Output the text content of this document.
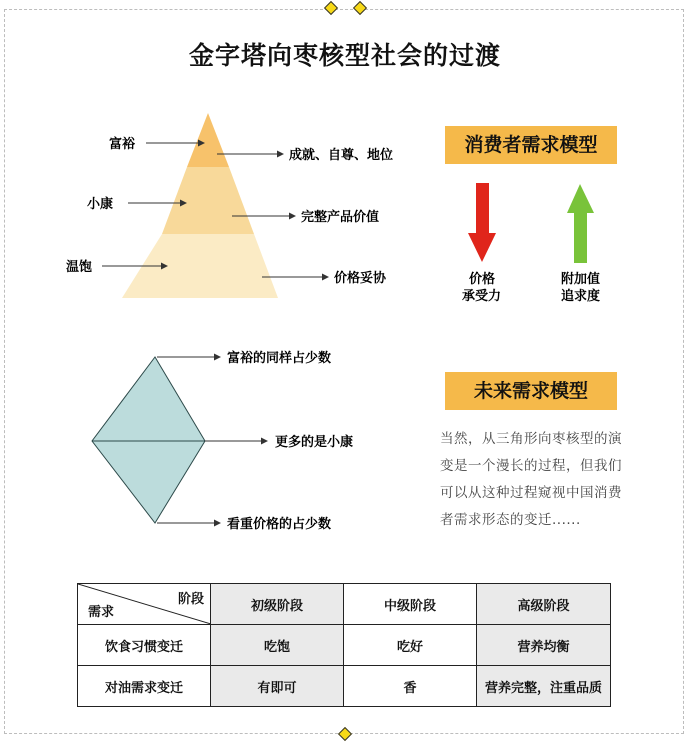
金字塔向枣核型社会的过渡
富裕
小康
温饱
成就、自尊、地位
完整产品价值
价格妥协
富裕的同样占少数
更多的是小康
看重价格的占少数
价格
承受力
附加值
追求度
消费者需求模型
未来需求模型
当然，从三角形向枣核型的演变是一个漫长的过程，但我们可以从这种过程窥视中国消费者需求形态的变迁......
阶段
需求	初级阶段	中级阶段	高级阶段
饮食习惯变迁	吃饱	吃好	营养均衡
对油需求变迁	有即可	香	营养完整，注重品质
